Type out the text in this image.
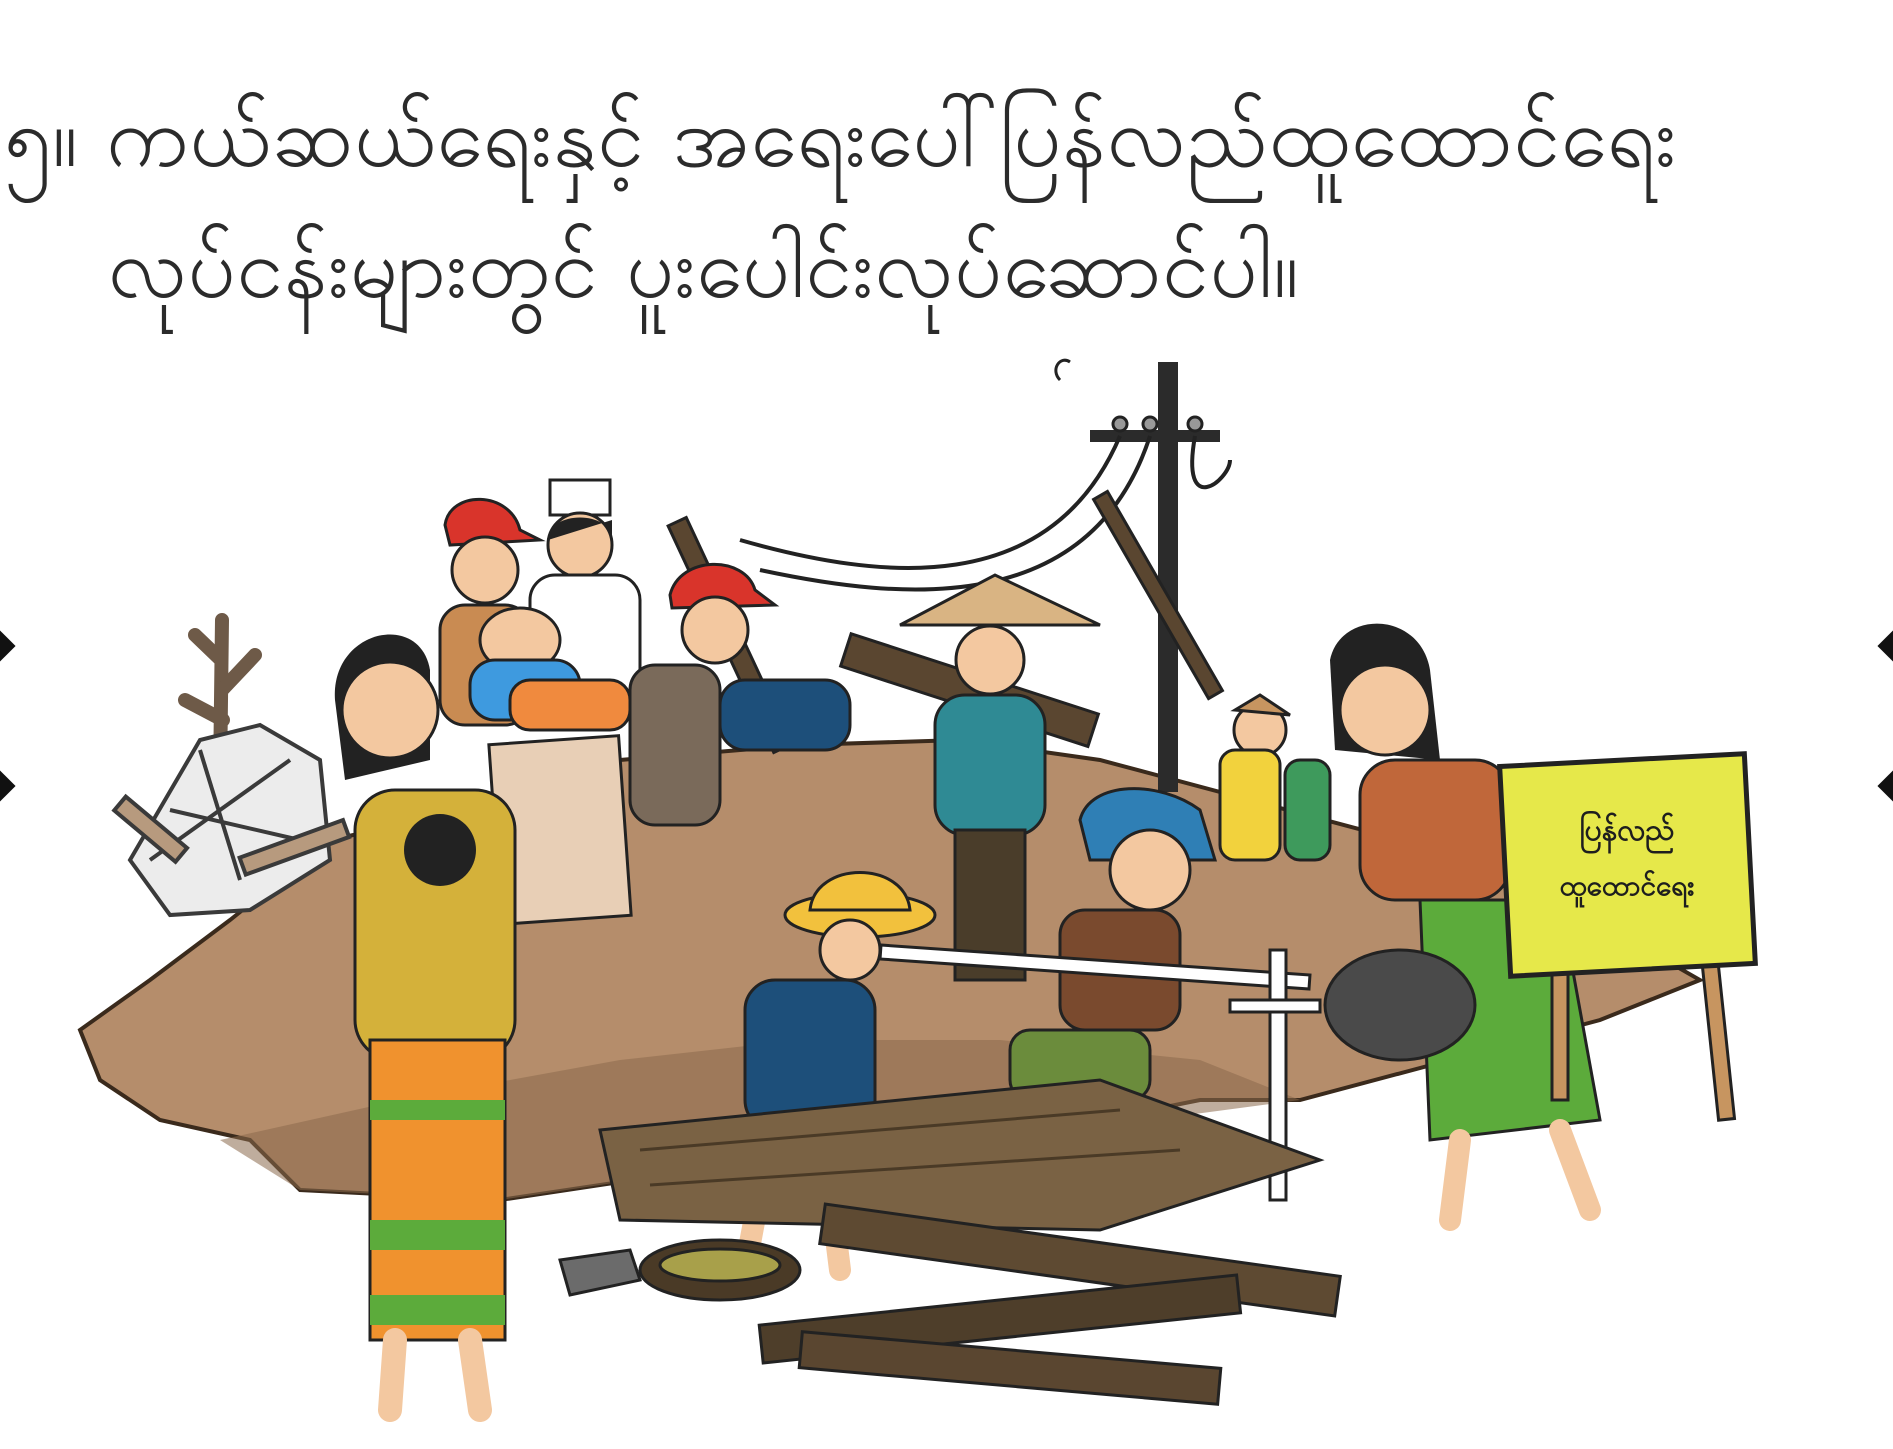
၅။ ကယ်ဆယ်ရေးနှင့် အရေးပေါ်ပြန်လည်ထူထောင်ရေး
လုပ်ငန်းများတွင် ပူးပေါင်းလုပ်ဆောင်ပါ။
ပြန်လည်
ထူထောင်ရေး
